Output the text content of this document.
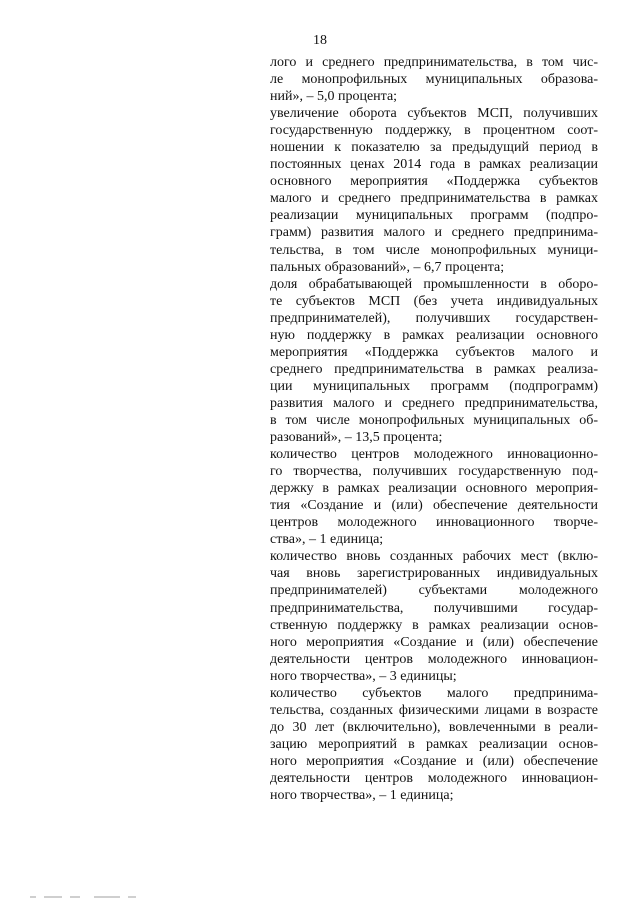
18
лого и среднего предпринимательства, в том чис-
ле монопрофильных муниципальных образова-
ний», – 5,0 процента;
увеличение оборота субъектов МСП, получивших
государственную поддержку, в процентном соот-
ношении к показателю за предыдущий период в
постоянных ценах 2014 года в рамках реализации
основного мероприятия «Поддержка субъектов
малого и среднего предпринимательства в рамках
реализации муниципальных программ (подпро-
грамм) развития малого и среднего предпринима-
тельства, в том числе монопрофильных муници-
пальных образований», – 6,7 процента;
доля обрабатывающей промышленности в оборо-
те субъектов МСП (без учета индивидуальных
предпринимателей), получивших государствен-
ную поддержку в рамках реализации основного
мероприятия «Поддержка субъектов малого и
среднего предпринимательства в рамках реализа-
ции муниципальных программ (подпрограмм)
развития малого и среднего предпринимательства,
в том числе монопрофильных муниципальных об-
разований», – 13,5 процента;
количество центров молодежного инновационно-
го творчества, получивших государственную под-
держку в рамках реализации основного мероприя-
тия «Создание и (или) обеспечение деятельности
центров молодежного инновационного творче-
ства», – 1 единица;
количество вновь созданных рабочих мест (вклю-
чая вновь зарегистрированных индивидуальных
предпринимателей) субъектами молодежного
предпринимательства, получившими государ-
ственную поддержку в рамках реализации основ-
ного мероприятия «Создание и (или) обеспечение
деятельности центров молодежного инновацион-
ного творчества», – 3 единицы;
количество субъектов малого предпринима-
тельства, созданных физическими лицами в возрасте
до 30 лет (включительно), вовлеченными в реали-
зацию мероприятий в рамках реализации основ-
ного мероприятия «Создание и (или) обеспечение
деятельности центров молодежного инновацион-
ного творчества», – 1 единица;
